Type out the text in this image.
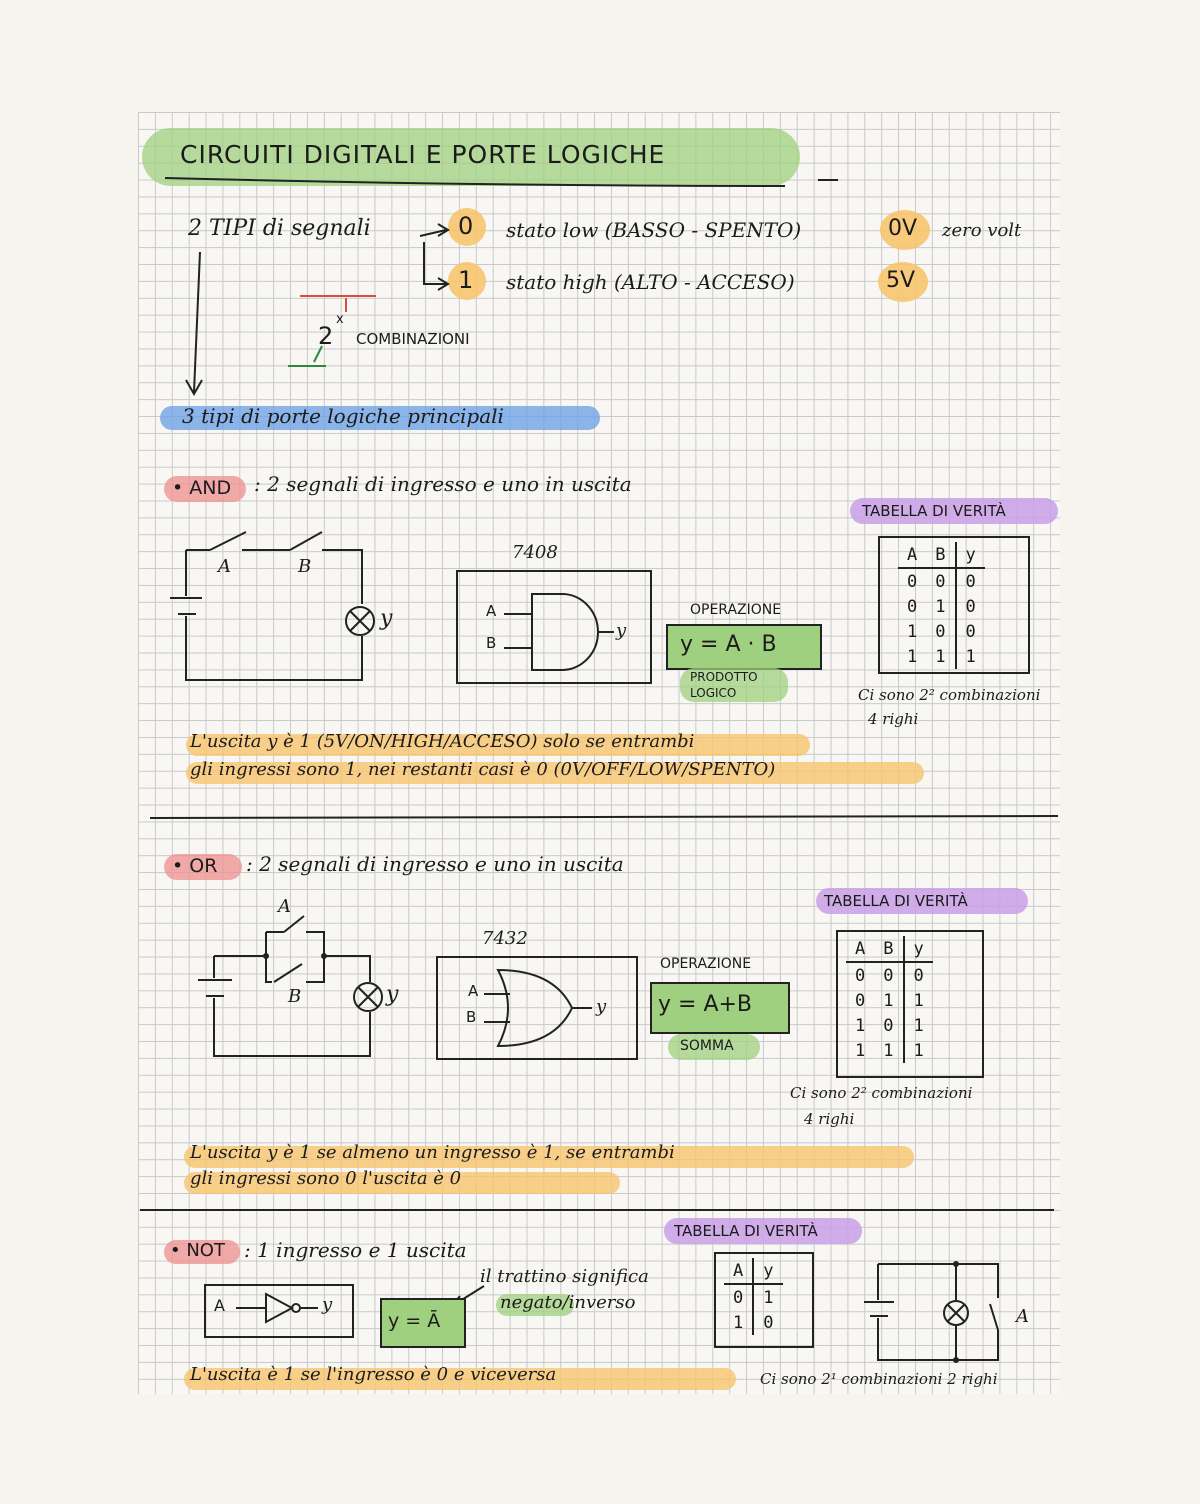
CIRCUITI DIGITALI E PORTE LOGICHE
2 TIPI di segnali	0 stato low (BASSO - SPENTO)	0V zero volt
1 stato high (ALTO - ACCESO)	5V
2
x
COMBINAZIONI
3 tipi di porte logiche principali
• AND : 2 segnali di ingresso e uno in uscita
TABELLA DI VERITÀ
A	B
y
7408
A
B
y
OPERAZIONE
y = A · B
PRODOTTO
LOGICO
A	B	y
0	0	0
0	1	0
1	0	0
1	1	1
Ci sono 2² combinazioni
4 righi
L'uscita y è 1 (5V/ON/HIGH/ACCESO) solo se entrambi
gli ingressi sono 1, nei restanti casi è 0 (0V/OFF/LOW/SPENTO)
• OR : 2 segnali di ingresso e uno in uscita
TABELLA DI VERITÀ
A
B	y
7432
A
B	y
OPERAZIONE
y = A+B
SOMMA
A	B	y
0	0	0
0	1	1
1	0	1
1	1	1
Ci sono 2² combinazioni
4 righi
L'uscita y è 1 se almeno un ingresso è 1, se entrambi
gli ingressi sono 0 l'uscita è 0
TABELLA DI VERITÀ
• NOT : 1 ingresso e 1 uscita
A	y
y = Ā
il trattino significa
negato/inverso
A	y
0	1
1	0	A
L'uscita è 1 se l'ingresso è 0 e viceversa	Ci sono 2¹ combinazioni 2 righi
